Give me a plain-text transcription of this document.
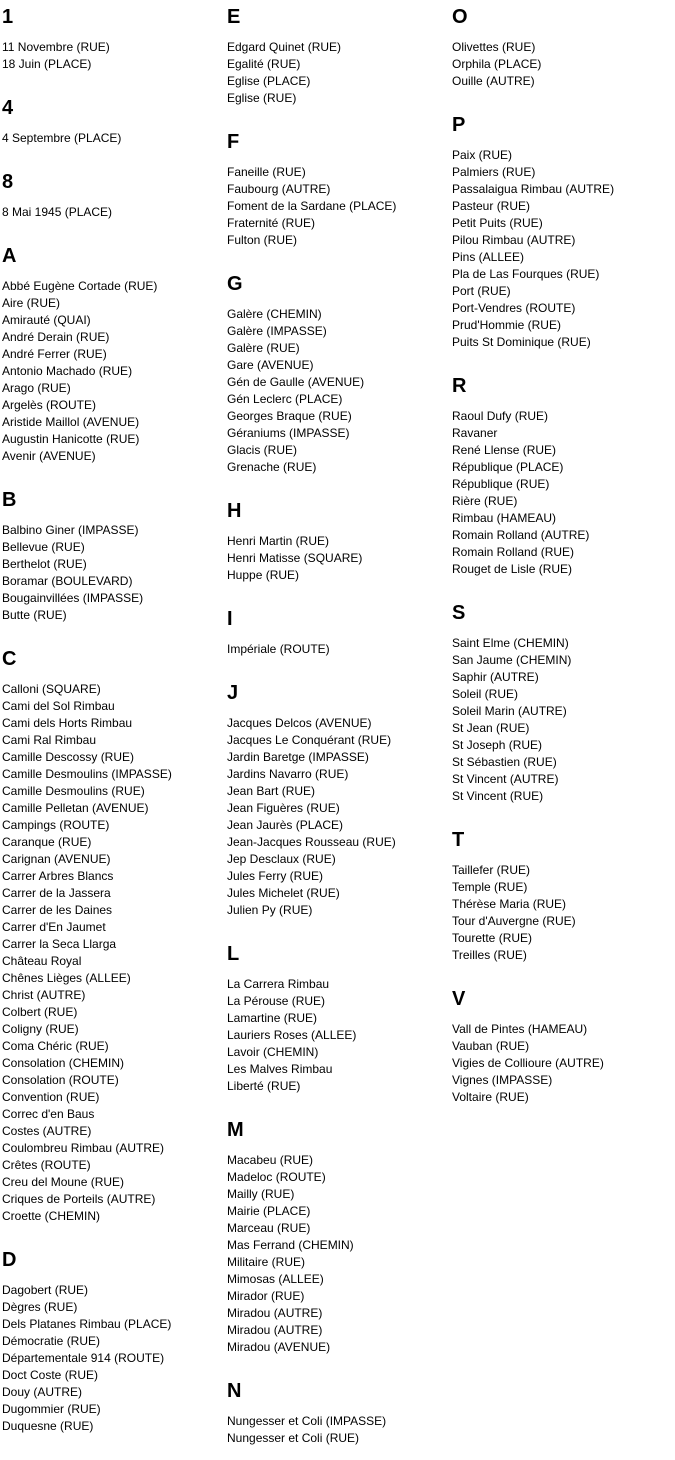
1
11 Novembre (RUE)
18 Juin (PLACE)
4
4 Septembre (PLACE)
8
8 Mai 1945 (PLACE)
A
Abbé Eugène Cortade (RUE)
Aire (RUE)
Amirauté (QUAI)
André Derain (RUE)
André Ferrer (RUE)
Antonio Machado (RUE)
Arago (RUE)
Argelès (ROUTE)
Aristide Maillol (AVENUE)
Augustin Hanicotte (RUE)
Avenir (AVENUE)
B
Balbino Giner (IMPASSE)
Bellevue (RUE)
Berthelot (RUE)
Boramar (BOULEVARD)
Bougainvillées (IMPASSE)
Butte (RUE)
C
Calloni (SQUARE)
Cami del Sol Rimbau
Cami dels Horts Rimbau
Cami Ral Rimbau
Camille Descossy (RUE)
Camille Desmoulins (IMPASSE)
Camille Desmoulins (RUE)
Camille Pelletan (AVENUE)
Campings (ROUTE)
Caranque (RUE)
Carignan (AVENUE)
Carrer Arbres Blancs
Carrer de la Jassera
Carrer de les Daines
Carrer d'En Jaumet
Carrer la Seca Llarga
Château Royal
Chênes Lièges (ALLEE)
Christ (AUTRE)
Colbert (RUE)
Coligny (RUE)
Coma Chéric (RUE)
Consolation (CHEMIN)
Consolation (ROUTE)
Convention (RUE)
Correc d'en Baus
Costes (AUTRE)
Coulombreu Rimbau (AUTRE)
Crêtes (ROUTE)
Creu del Moune (RUE)
Criques de Porteils (AUTRE)
Croette (CHEMIN)
D
Dagobert (RUE)
Dègres (RUE)
Dels Platanes Rimbau (PLACE)
Démocratie (RUE)
Départementale 914 (ROUTE)
Doct Coste (RUE)
Douy (AUTRE)
Dugommier (RUE)
Duquesne (RUE)
E
Edgard Quinet (RUE)
Egalité (RUE)
Eglise (PLACE)
Eglise (RUE)
F
Faneille (RUE)
Faubourg (AUTRE)
Foment de la Sardane (PLACE)
Fraternité (RUE)
Fulton (RUE)
G
Galère (CHEMIN)
Galère (IMPASSE)
Galère (RUE)
Gare (AVENUE)
Gén de Gaulle (AVENUE)
Gén Leclerc (PLACE)
Georges Braque (RUE)
Géraniums (IMPASSE)
Glacis (RUE)
Grenache (RUE)
H
Henri Martin (RUE)
Henri Matisse (SQUARE)
Huppe (RUE)
I
Impériale (ROUTE)
J
Jacques Delcos (AVENUE)
Jacques Le Conquérant (RUE)
Jardin Baretge (IMPASSE)
Jardins Navarro (RUE)
Jean Bart (RUE)
Jean Figuères (RUE)
Jean Jaurès (PLACE)
Jean-Jacques Rousseau (RUE)
Jep Desclaux (RUE)
Jules Ferry (RUE)
Jules Michelet (RUE)
Julien Py (RUE)
L
La Carrera Rimbau
La Pérouse (RUE)
Lamartine (RUE)
Lauriers Roses (ALLEE)
Lavoir (CHEMIN)
Les Malves Rimbau
Liberté (RUE)
M
Macabeu (RUE)
Madeloc (ROUTE)
Mailly (RUE)
Mairie (PLACE)
Marceau (RUE)
Mas Ferrand (CHEMIN)
Militaire (RUE)
Mimosas (ALLEE)
Mirador (RUE)
Miradou (AUTRE)
Miradou (AUTRE)
Miradou (AVENUE)
N
Nungesser et Coli (IMPASSE)
Nungesser et Coli (RUE)
O
Olivettes (RUE)
Orphila (PLACE)
Ouille (AUTRE)
P
Paix (RUE)
Palmiers (RUE)
Passalaigua Rimbau (AUTRE)
Pasteur (RUE)
Petit Puits (RUE)
Pilou Rimbau (AUTRE)
Pins (ALLEE)
Pla de Las Fourques (RUE)
Port (RUE)
Port-Vendres (ROUTE)
Prud'Hommie (RUE)
Puits St Dominique (RUE)
R
Raoul Dufy (RUE)
Ravaner
René Llense (RUE)
République (PLACE)
République (RUE)
Rière (RUE)
Rimbau (HAMEAU)
Romain Rolland (AUTRE)
Romain Rolland (RUE)
Rouget de Lisle (RUE)
S
Saint Elme (CHEMIN)
San Jaume (CHEMIN)
Saphir (AUTRE)
Soleil (RUE)
Soleil Marin (AUTRE)
St Jean (RUE)
St Joseph (RUE)
St Sébastien (RUE)
St Vincent (AUTRE)
St Vincent (RUE)
T
Taillefer (RUE)
Temple (RUE)
Thérèse Maria (RUE)
Tour d'Auvergne (RUE)
Tourette (RUE)
Treilles (RUE)
V
Vall de Pintes (HAMEAU)
Vauban (RUE)
Vigies de Collioure (AUTRE)
Vignes (IMPASSE)
Voltaire (RUE)
